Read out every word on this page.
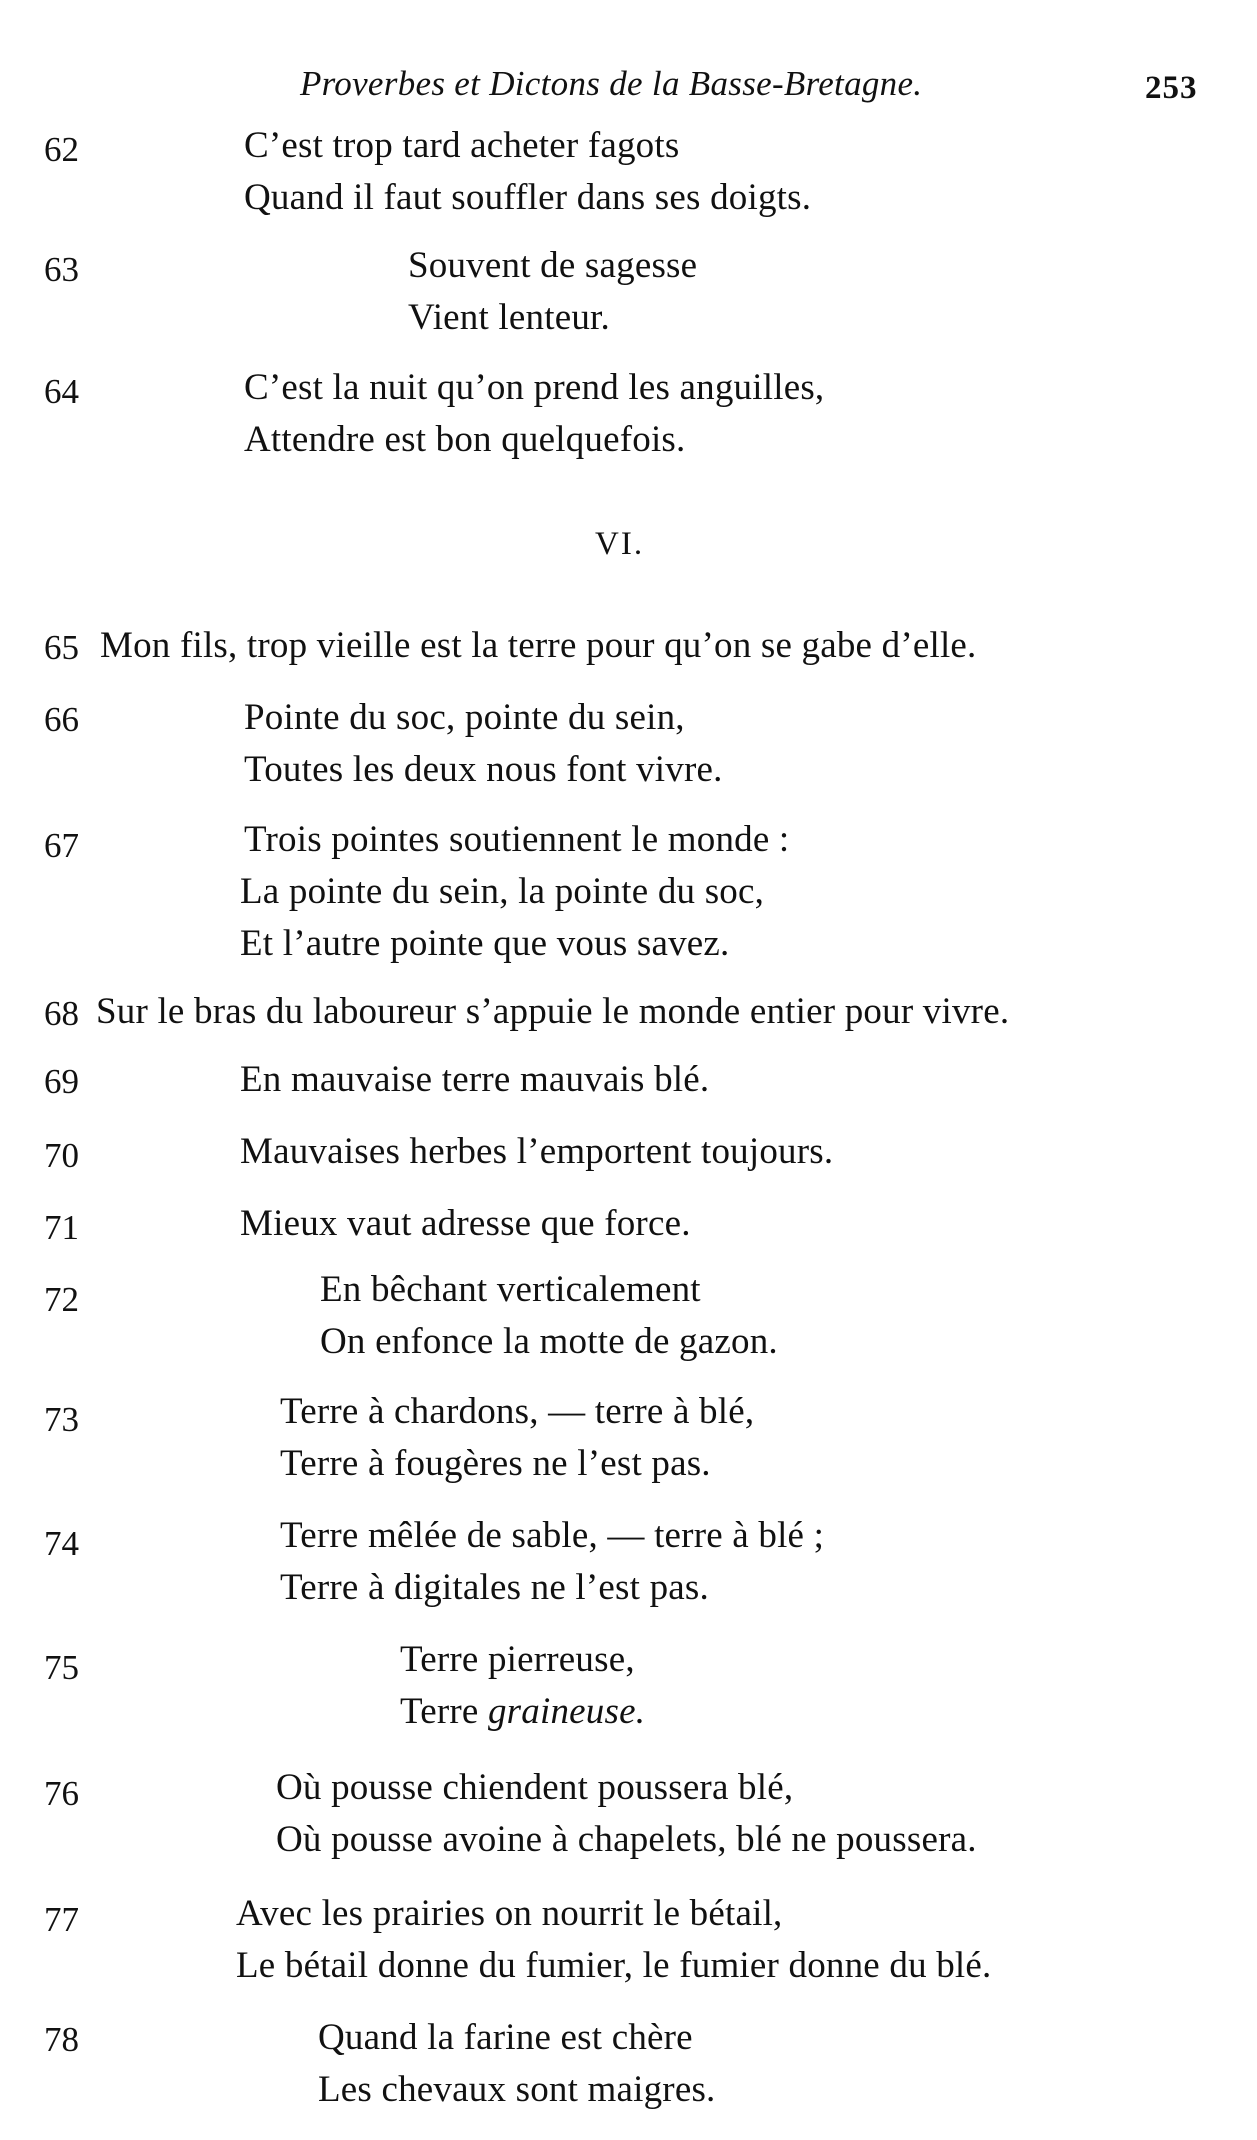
Proverbes et Dictons de la Basse-Bretagne.	253
62	C’est trop tard acheter fagots
Quand il faut souffler dans ses doigts.
63	Souvent de sagesse
Vient lenteur.
64	C’est la nuit qu’on prend les anguilles,
Attendre est bon quelquefois.
VI.
65 Mon fils, trop vieille est la terre pour qu’on se gabe d’elle.
66	Pointe du soc, pointe du sein,
Toutes les deux nous font vivre.
67	Trois pointes soutiennent le monde :
La pointe du sein, la pointe du soc,
Et l’autre pointe que vous savez.
68 Sur le bras du laboureur s’appuie le monde entier pour vivre.
69	En mauvaise terre mauvais blé.
70	Mauvaises herbes l’emportent toujours.
71	Mieux vaut adresse que force.
72	En bêchant verticalement
On enfonce la motte de gazon.
73	Terre à chardons, — terre à blé,
Terre à fougères ne l’est pas.
74	Terre mêlée de sable, — terre à blé ;
Terre à digitales ne l’est pas.
75	Terre pierreuse,
Terre graineuse.
76	Où pousse chiendent poussera blé,
Où pousse avoine à chapelets, blé ne poussera.
77	Avec les prairies on nourrit le bétail,
Le bétail donne du fumier, le fumier donne du blé.
78	Quand la farine est chère
Les chevaux sont maigres.
